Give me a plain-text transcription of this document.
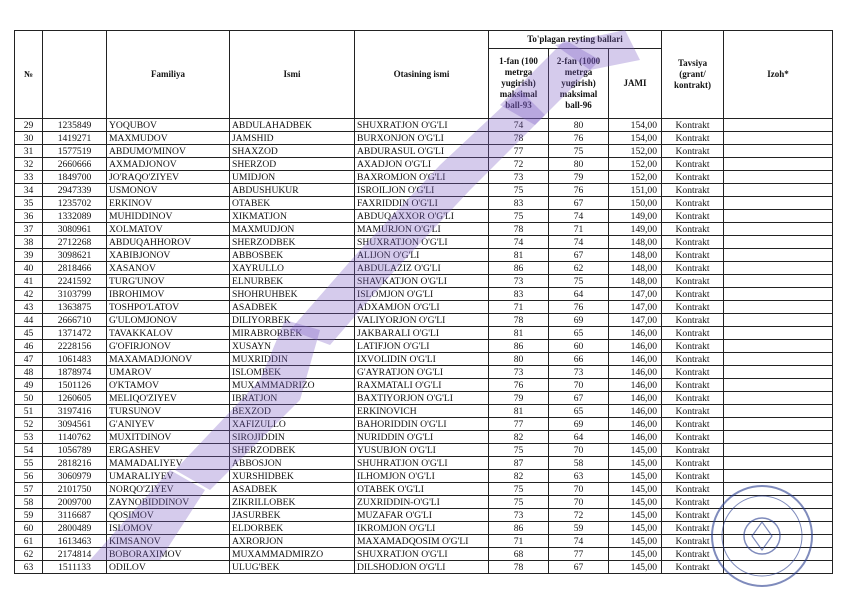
№		Familiya	Ismi	Otasining ismi	To'plagan reyting ballari			Tavsiya (grant/ kontrakt)	Izoh*
					1-fan (100 metrga yugirish) maksimal ball-93	2-fan (1000 metrga yugirish) maksimal ball-96	JAMI		
29	1235849	YOQUBOV	ABDULAHADBEK	SHUXRATJON O'G'LI	74	80	154,00	Kontrakt	
30	1419271	MAXMUDOV	JAMSHID	BURXONJON O'G'LI	78	76	154,00	Kontrakt	
31	1577519	ABDUMO'MINOV	SHAXZOD	ABDURASUL O'G'LI	77	75	152,00	Kontrakt	
32	2660666	AXMADJONOV	SHERZOD	AXADJON O'G'LI	72	80	152,00	Kontrakt	
33	1849700	JO'RAQO'ZIYEV	UMIDJON	BAXROMJON O'G'LI	73	79	152,00	Kontrakt	
34	2947339	USMONOV	ABDUSHUKUR	ISROILJON O'G'LI	75	76	151,00	Kontrakt	
35	1235702	ERKINOV	OTABEK	FAXRIDDIN O'G'LI	83	67	150,00	Kontrakt	
36	1332089	MUHIDDINOV	XIKMATJON	ABDUQAXXOR O'G'LI	75	74	149,00	Kontrakt	
37	3080961	XOLMATOV	MAXMUDJON	MAMURJON O'G'LI	78	71	149,00	Kontrakt	
38	2712268	ABDUQAHHOROV	SHERZODBEK	SHUXRATJON O'G'LI	74	74	148,00	Kontrakt	
39	3098621	XABIBJONOV	ABBOSBEK	ALIJON O'G'LI	81	67	148,00	Kontrakt	
40	2818466	XASANOV	XAYRULLO	ABDULAZIZ O'G'LI	86	62	148,00	Kontrakt	
41	2241592	TURG'UNOV	ELNURBEK	SHAVKATJON O'G'LI	73	75	148,00	Kontrakt	
42	3103799	IBROHIMOV	SHOHRUHBEK	ISLOMJON O'G'LI	83	64	147,00	Kontrakt	
43	1363875	TOSHPO'LATOV	ASADBEK	ADXAMJON O'G'LI	71	76	147,00	Kontrakt	
44	2666710	G'ULOMJONOV	DILIYORBEK	VALIYORJON O'G'LI	78	69	147,00	Kontrakt	
45	1371472	TAVAKKALOV	MIRABRORBEK	JAKBARALI O'G'LI	81	65	146,00	Kontrakt	
46	2228156	G'OFIRJONOV	XUSAYN	LATIFJON O'G'LI	86	60	146,00	Kontrakt	
47	1061483	MAXAMADJONOV	MUXRIDDIN	IXVOLIDIN O'G'LI	80	66	146,00	Kontrakt	
48	1878974	UMAROV	ISLOMBEK	G'AYRATJON O'G'LI	73	73	146,00	Kontrakt	
49	1501126	O'KTAMOV	MUXAMMADRIZO	RAXMATALI O'G'LI	76	70	146,00	Kontrakt	
50	1260605	MELIQO'ZIYEV	IBRATJON	BAXTIYORJON O'G'LI	79	67	146,00	Kontrakt	
51	3197416	TURSUNOV	BEXZOD	ERKINOVICH	81	65	146,00	Kontrakt	
52	3094561	G'ANIYEV	XAFIZULLO	BAHORIDDIN O'G'LI	77	69	146,00	Kontrakt	
53	1140762	MUXITDINOV	SIROJIDDIN	NURIDDIN O'G'LI	82	64	146,00	Kontrakt	
54	1056789	ERGASHEV	SHERZODBEK	YUSUBJON O'G'LI	75	70	145,00	Kontrakt	
55	2818216	MAMADALIYEV	ABBOSJON	SHUHRATJON O'G'LI	87	58	145,00	Kontrakt	
56	3060979	UMARALIYEV	XURSHIDBEK	ILHOMJON O'G'LI	82	63	145,00	Kontrakt	
57	2101750	NORQO'ZIYEV	ASADBEK	OTABEK O'G'LI	75	70	145,00	Kontrakt	
58	2009700	ZAYNOBIDDINOV	ZIKRILLOBEK	ZUXRIDDIN-O'G'LI	75	70	145,00	Kontrakt	
59	3116687	QOSIMOV	JASURBEK	MUZAFAR O'G'LI	73	72	145,00	Kontrakt	
60	2800489	ISLOMOV	ELDORBEK	IKROMJON O'G'LI	86	59	145,00	Kontrakt	
61	1613463	KIMSANOV	AXRORJON	MAXAMADQOSIM O'G'LI	71	74	145,00	Kontrakt	
62	2174814	BOBORAXIMOV	MUXAMMADMIRZO	SHUXRATJON O'G'LI	68	77	145,00	Kontrakt	
63	1511133	ODILOV	ULUG'BEK	DILSHODJON O'G'LI	78	67	145,00	Kontrakt	
